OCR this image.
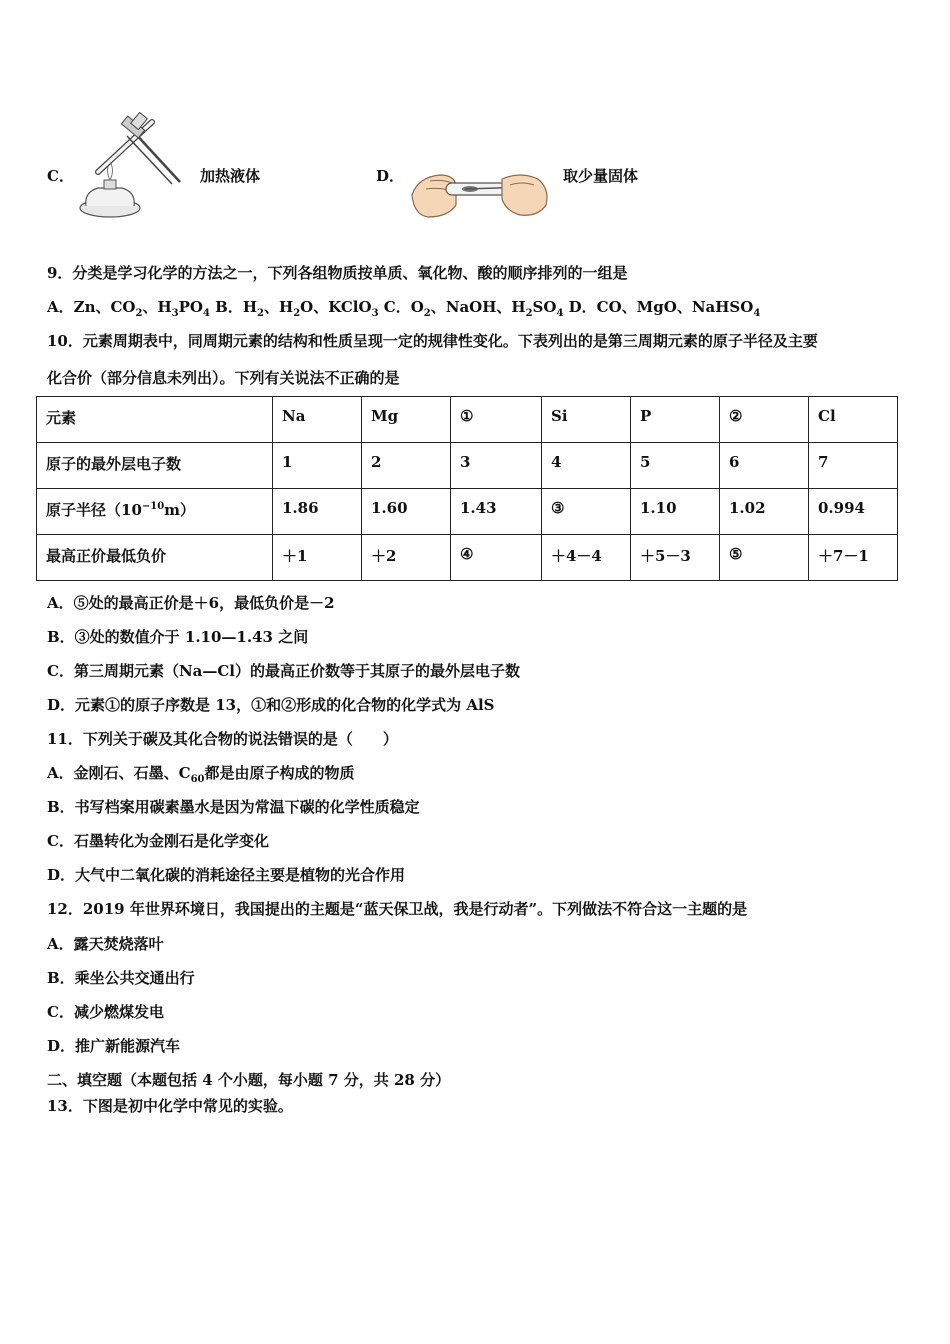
C．	加热液体	D．	取少量固体
9．分类是学习化学的方法之一，下列各组物质按单质、氧化物、酸的顺序排列的一组是
A．Zn、$CO_2$、$H_3PO_4$ B．$H_2$、$H_2O$、KClO$_3$ C．$O_2$、NaOH、$H_2SO_4$ D．CO、MgO、NaHSO$_4$
10．元素周期表中，同周期元素的结构和性质呈现一定的规律性变化。下表列出的是第三周期元素的原子半径及主要
化合价（部分信息未列出）。下列有关说法不正确的是
元素	Na	Mg	①	Si	P	②	Cl
原子的最外层电子数	1	2	3	4	5	6	7
原子半径$(10^{-10}m)$	1.86	1.60	1.43	③	1.10	1.02	0.994
最高正价最低负价	＋1	＋2	④	＋4－4	＋5－3	⑤	＋7－1
A．⑤处的最高正价是＋6，最低负价是－2
B．③处的数值介于 1.10—1.43 之间
C．第三周期元素（Na—Cl）的最高正价数等于其原子的最外层电子数
D．元素①的原子序数是 13，①和②形成的化合物的化学式为 AlS
11．下列关于碳及其化合物的说法错误的是（　　）
A．金刚石、石墨、$C_{60}$都是由原子构成的物质
B．书写档案用碳素墨水是因为常温下碳的化学性质稳定
C．石墨转化为金刚石是化学变化
D．大气中二氧化碳的消耗途径主要是植物的光合作用
12．2019 年世界环境日，我国提出的主题是“蓝天保卫战，我是行动者”。下列做法不符合这一主题的是
A．露天焚烧落叶
B．乘坐公共交通出行
C．减少燃煤发电
D．推广新能源汽车
二、填空题（本题包括 4 个小题，每小题 7 分，共 28 分）
13．下图是初中化学中常见的实验。
